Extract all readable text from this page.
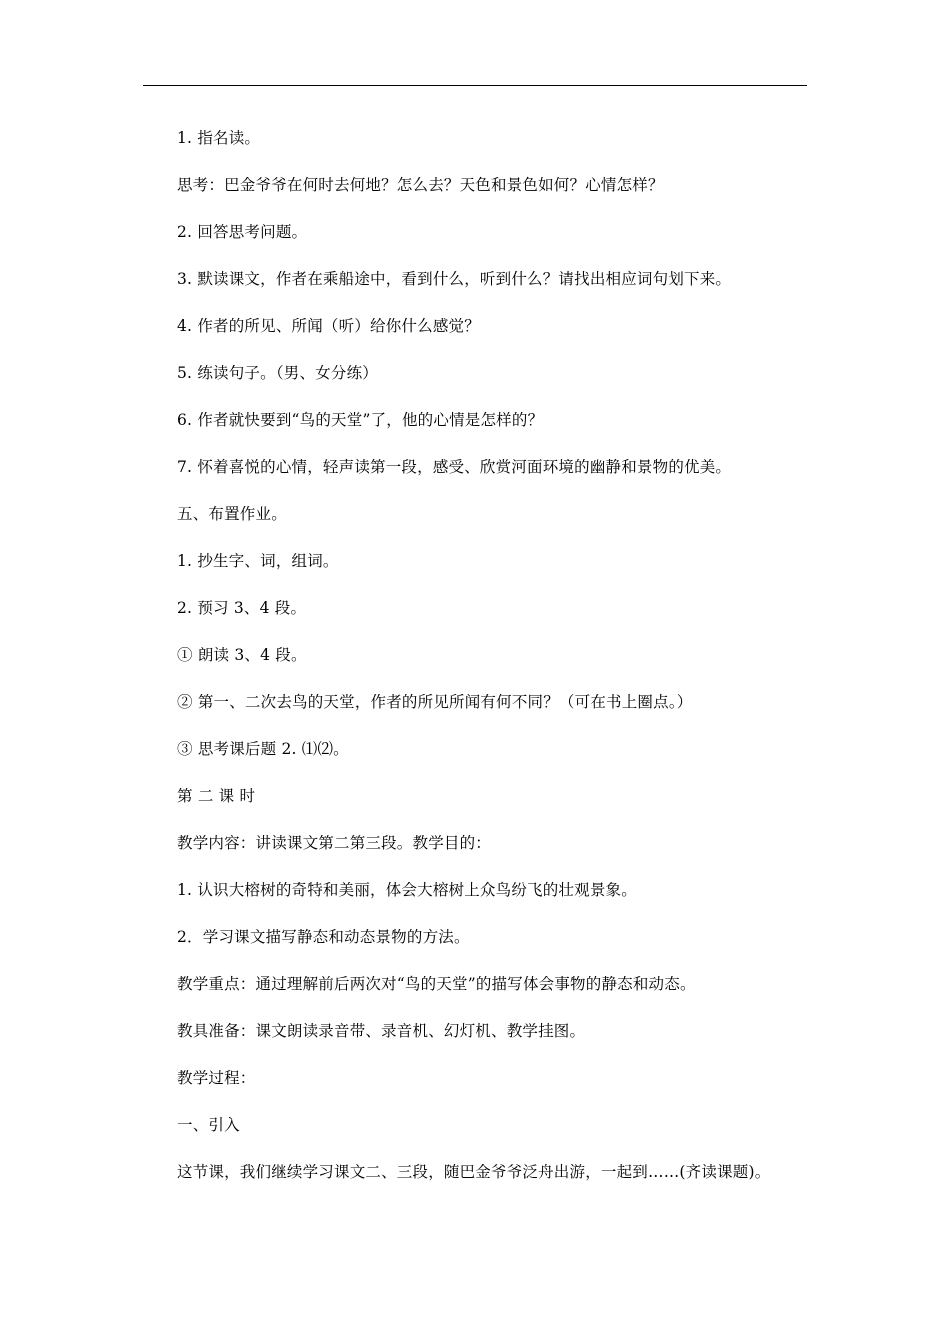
1. 指名读。
思考：巴金爷爷在何时去何地？怎么去？天色和景色如何？心情怎样？
2. 回答思考问题。
3. 默读课文，作者在乘船途中，看到什么，听到什么？请找出相应词句划下来。
4. 作者的所见、所闻（听）给你什么感觉？
5. 练读句子。（男、女分练）
6. 作者就快要到“鸟的天堂”了，他的心情是怎样的？
7. 怀着喜悦的心情，轻声读第一段，感受、欣赏河面环境的幽静和景物的优美。
五、布置作业。
1. 抄生字、词，组词。
2. 预习 3、4 段。
① 朗读 3、4 段。
② 第一、二次去鸟的天堂，作者的所见所闻有何不同？（可在书上圈点。）
③ 思考课后题 2. ⑴⑵。
第 二 课 时
教学内容：讲读课文第二第三段。教学目的：
1. 认识大榕树的奇特和美丽，体会大榕树上众鸟纷飞的壮观景象。
2．学习课文描写静态和动态景物的方法。
教学重点：通过理解前后两次对“鸟的天堂”的描写体会事物的静态和动态。
教具准备：课文朗读录音带、录音机、幻灯机、教学挂图。
教学过程：
一、引入
这节课，我们继续学习课文二、三段，随巴金爷爷泛舟出游，一起到……(齐读课题)。
